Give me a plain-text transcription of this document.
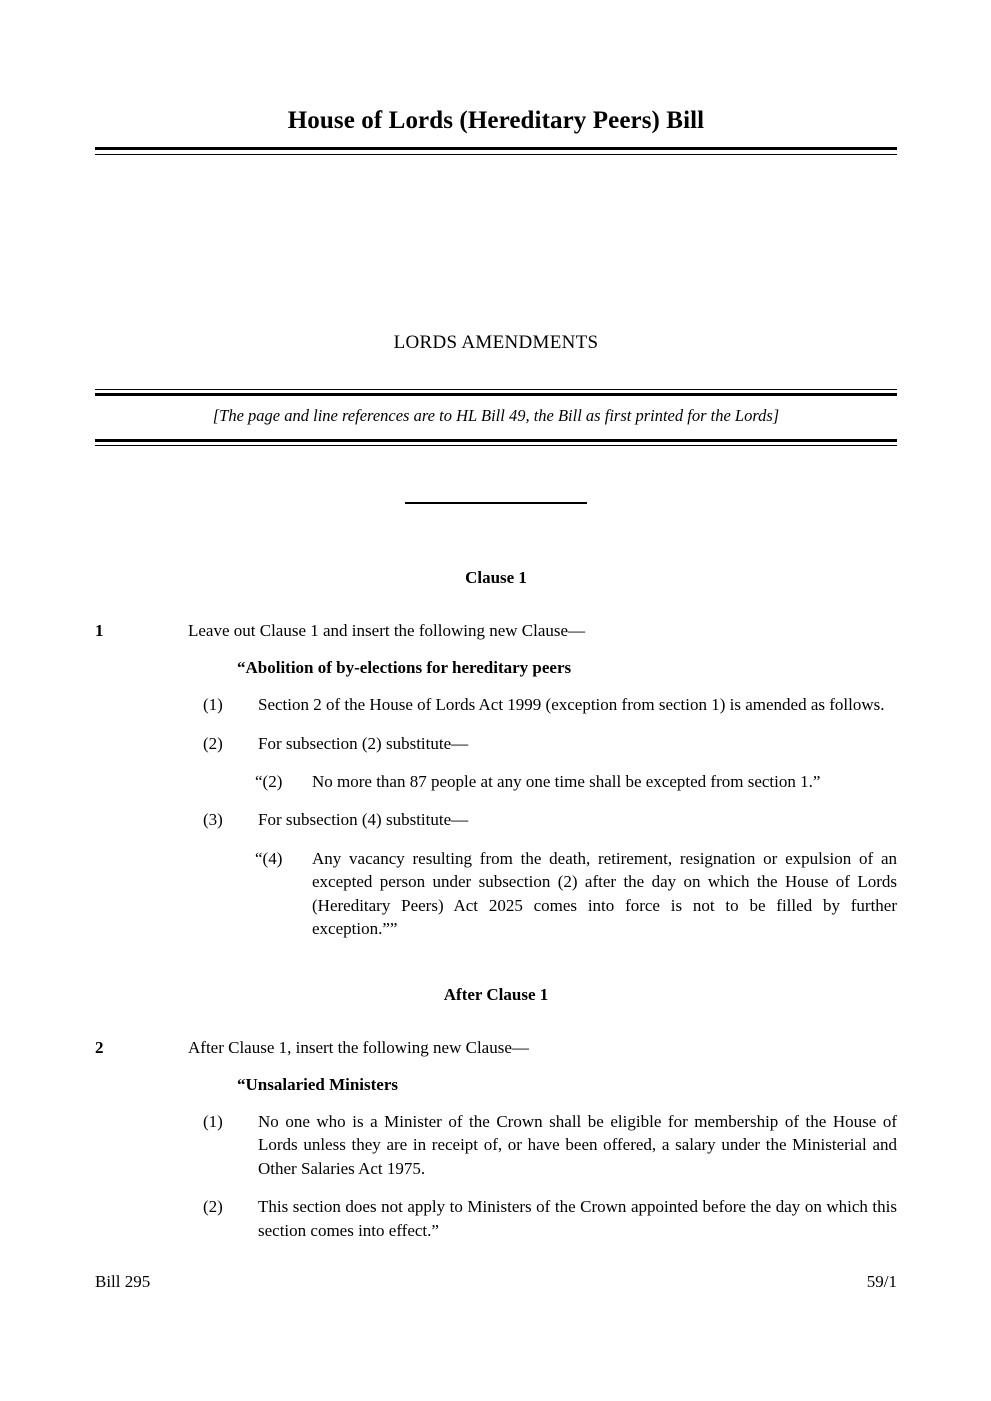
House of Lords (Hereditary Peers) Bill
LORDS AMENDMENTS
[The page and line references are to HL Bill 49, the Bill as first printed for the Lords]
Clause 1
1	Leave out Clause 1 and insert the following new Clause—
“Abolition of by-elections for hereditary peers
(1)	Section 2 of the House of Lords Act 1999 (exception from section 1) is amended as follows.

(2)	For subsection (2) substitute—

“(2)	No more than 87 people at any one time shall be excepted from section 1.”

(3)	For subsection (4) substitute—

“(4)	Any vacancy resulting from the death, retirement, resignation or expulsion of an excepted person under subsection (2) after the day on which the House of Lords (Hereditary Peers) Act 2025 comes into force is not to be filled by further exception.””

After Clause 1
2	After Clause 1, insert the following new Clause—
“Unsalaried Ministers
(1)	No one who is a Minister of the Crown shall be eligible for membership of the House of Lords unless they are in receipt of, or have been offered, a salary under the Ministerial and Other Salaries Act 1975.

(2)	This section does not apply to Ministers of the Crown appointed before the day on which this section comes into effect.”

Bill 295	59/1
